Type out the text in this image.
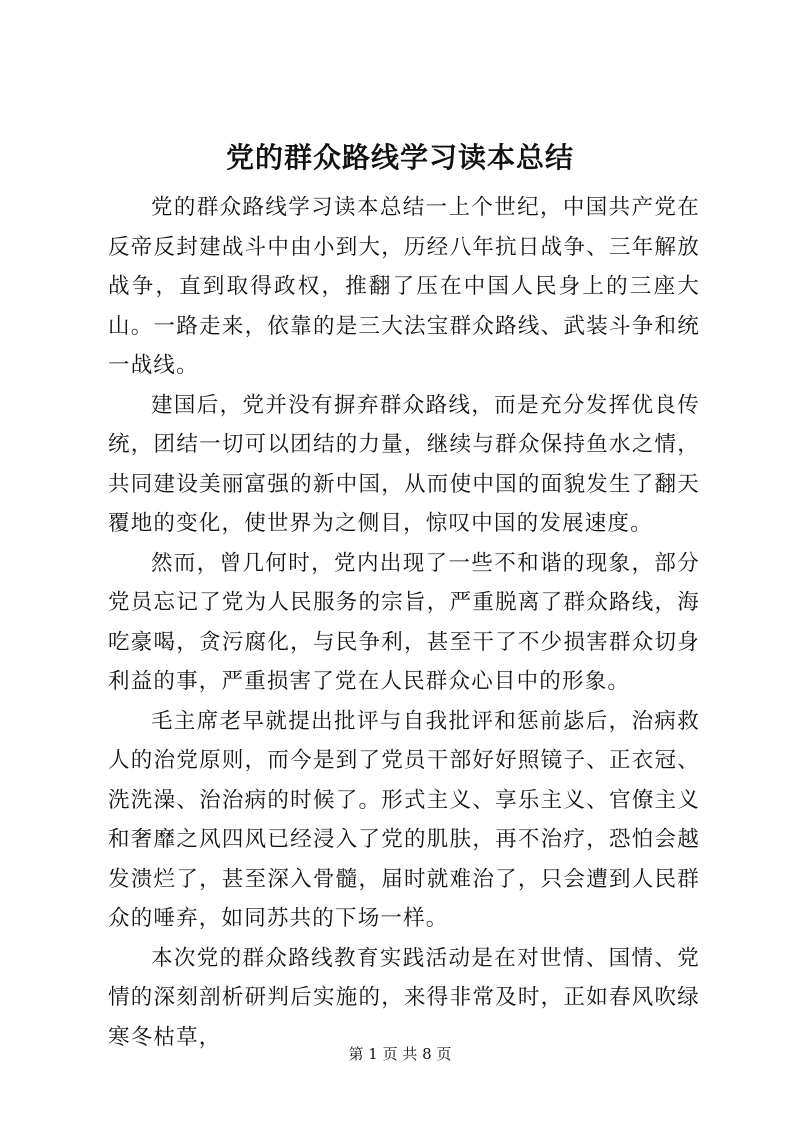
党的群众路线学习读本总结

党的群众路线学习读本总结一上个世纪，中国共产党在反帝反封建战斗中由小到大，历经八年抗日战争、三年解放战争，直到取得政权，推翻了压在中国人民身上的三座大山。一路走来，依靠的是三大法宝群众路线、武装斗争和统一战线。

建国后，党并没有摒弃群众路线，而是充分发挥优良传统，团结一切可以团结的力量，继续与群众保持鱼水之情，共同建设美丽富强的新中国，从而使中国的面貌发生了翻天覆地的变化，使世界为之侧目，惊叹中国的发展速度。

然而，曾几何时，党内出现了一些不和谐的现象，部分党员忘记了党为人民服务的宗旨，严重脱离了群众路线，海吃豪喝，贪污腐化，与民争利，甚至干了不少损害群众切身利益的事，严重损害了党在人民群众心目中的形象。

毛主席老早就提出批评与自我批评和惩前毖后，治病救人的治党原则，而今是到了党员干部好好照镜子、正衣冠、洗洗澡、治治病的时候了。形式主义、享乐主义、官僚主义和奢靡之风四风已经浸入了党的肌肤，再不治疗，恐怕会越发溃烂了，甚至深入骨髓，届时就难治了，只会遭到人民群众的唾弃，如同苏共的下场一样。

本次党的群众路线教育实践活动是在对世情、国情、党情的深刻剖析研判后实施的，来得非常及时，正如春风吹绿寒冬枯草，

第 1 页 共 8 页
